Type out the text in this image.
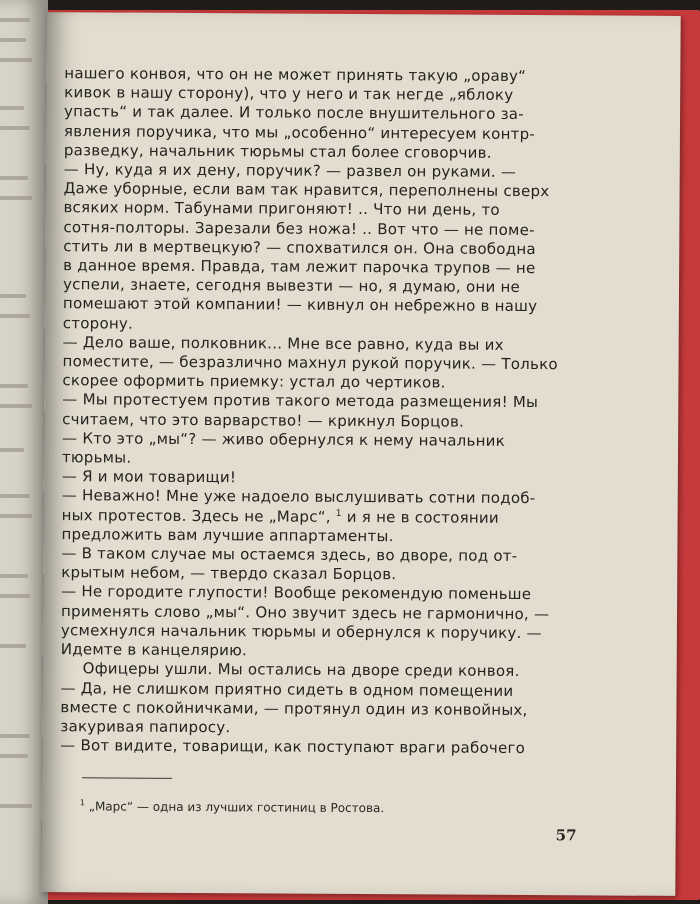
нашего конвоя, что он не может принять такую „ораву“
кивок в нашу сторону), что у него и так негде „яблоку
упасть“ и так далее. И только после внушительного за-
явления поручика, что мы „особенно“ интересуем контр-
разведку, начальник тюрьмы стал более сговорчив.
— Ну, куда я их дену, поручик? — развел он руками. —
Даже уборные, если вам так нравится, переполнены сверх
всяких норм. Табунами пригоняют! .. Что ни день, то
сотня-полторы. Зарезали без ножа! .. Вот что — не поме-
стить ли в мертвецкую? — спохватился он. Она свободна
в данное время. Правда, там лежит парочка трупов — не
успели, знаете, сегодня вывезти — но, я думаю, они не
помешают этой компании! — кивнул он небрежно в нашу
сторону.
— Дело ваше, полковник... Мне все равно, куда вы их
поместите, — безразлично махнул рукой поручик. — Только
скорее оформить приемку: устал до чертиков.
— Мы протестуем против такого метода размещения! Мы
считаем, что это варварство! — крикнул Борцов.
— Кто это „мы“? — живо обернулся к нему начальник
тюрьмы.
— Я и мои товарищи!
— Неважно! Мне уже надоело выслушивать сотни подоб-
ных протестов. Здесь не „Марс“, $^1$ и я не в состоянии
предложить вам лучшие аппартаменты.
— В таком случае мы остаемся здесь, во дворе, под от-
крытым небом, — твердо сказал Борцов.
— Не городите глупости! Вообще рекомендую поменьше
применять слово „мы“. Оно звучит здесь не гармонично, —
усмехнулся начальник тюрьмы и обернулся к поручику. —
Идемте в канцелярию.
Офицеры ушли. Мы остались на дворе среди конвоя.
— Да, не слишком приятно сидеть в одном помещении
вместе с покойничками, — протянул один из конвойных,
закуривая папиросу.
— Вот видите, товарищи, как поступают враги рабочего
$^1$ „Марс“ — одна из лучших гостиниц в Ростова.
57
